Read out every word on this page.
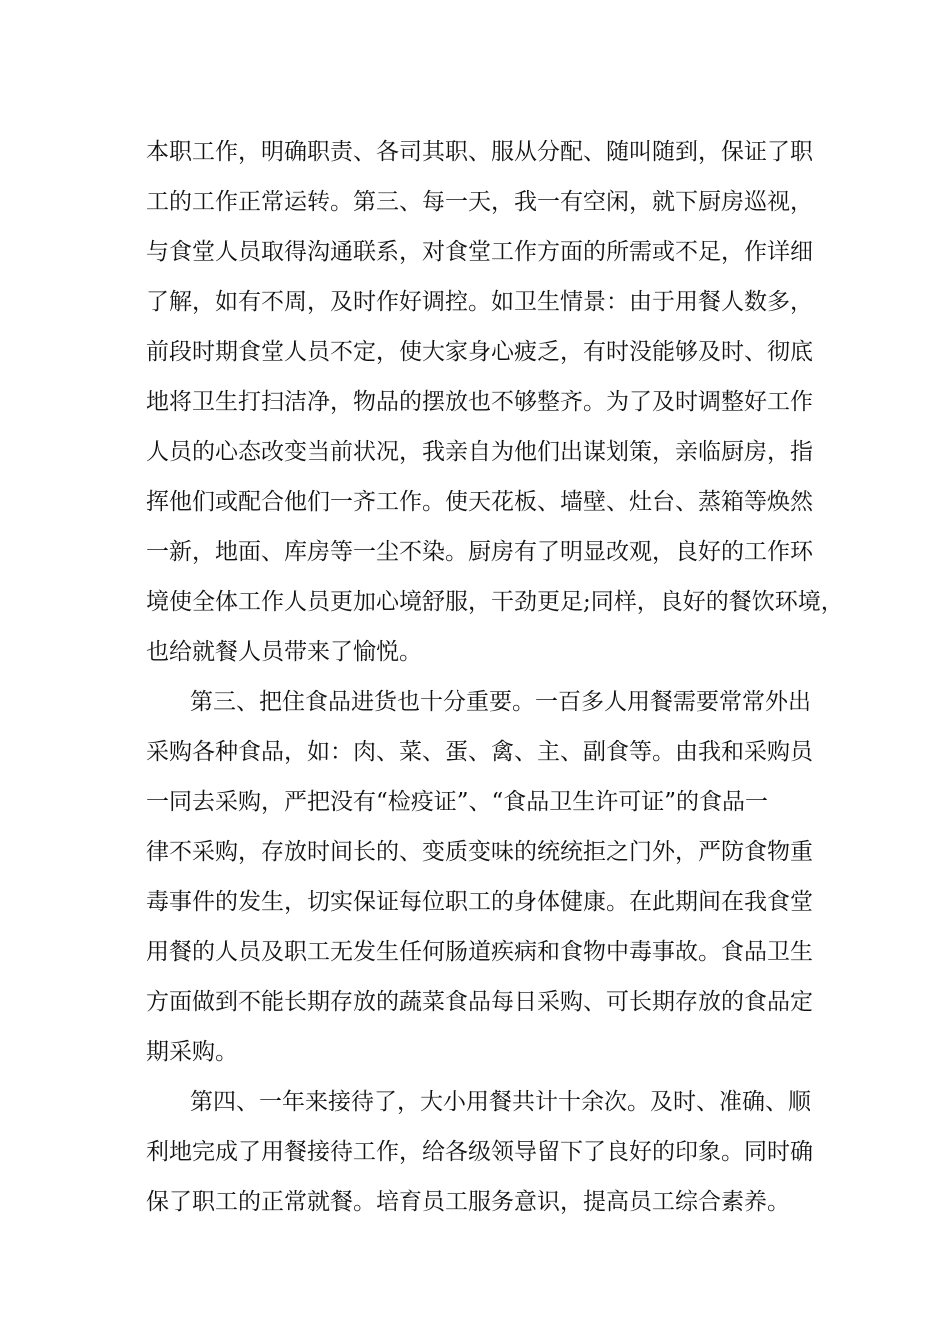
本职工作，明确职责、各司其职、服从分配、随叫随到，保证了职
工的工作正常运转。第三、每一天，我一有空闲，就下厨房巡视，
与食堂人员取得沟通联系，对食堂工作方面的所需或不足，作详细
了解，如有不周，及时作好调控。如卫生情景：由于用餐人数多，
前段时期食堂人员不定，使大家身心疲乏，有时没能够及时、彻底
地将卫生打扫洁净，物品的摆放也不够整齐。为了及时调整好工作
人员的心态改变当前状况，我亲自为他们出谋划策，亲临厨房，指
挥他们或配合他们一齐工作。使天花板、墙壁、灶台、蒸箱等焕然
一新，地面、库房等一尘不染。厨房有了明显改观，良好的工作环
境使全体工作人员更加心境舒服，干劲更足;同样，良好的餐饮环境，
也给就餐人员带来了愉悦。
第三、把住食品进货也十分重要。一百多人用餐需要常常外出
采购各种食品，如：肉、菜、蛋、禽、主、副食等。由我和采购员
一同去采购，严把没有“检疫证”、“食品卫生许可证”的食品一
律不采购，存放时间长的、变质变味的统统拒之门外，严防食物重
毒事件的发生，切实保证每位职工的身体健康。在此期间在我食堂
用餐的人员及职工无发生任何肠道疾病和食物中毒事故。食品卫生
方面做到不能长期存放的蔬菜食品每日采购、可长期存放的食品定
期采购。
第四、一年来接待了，大小用餐共计十余次。及时、准确、顺
利地完成了用餐接待工作，给各级领导留下了良好的印象。同时确
保了职工的正常就餐。培育员工服务意识，提高员工综合素养。
